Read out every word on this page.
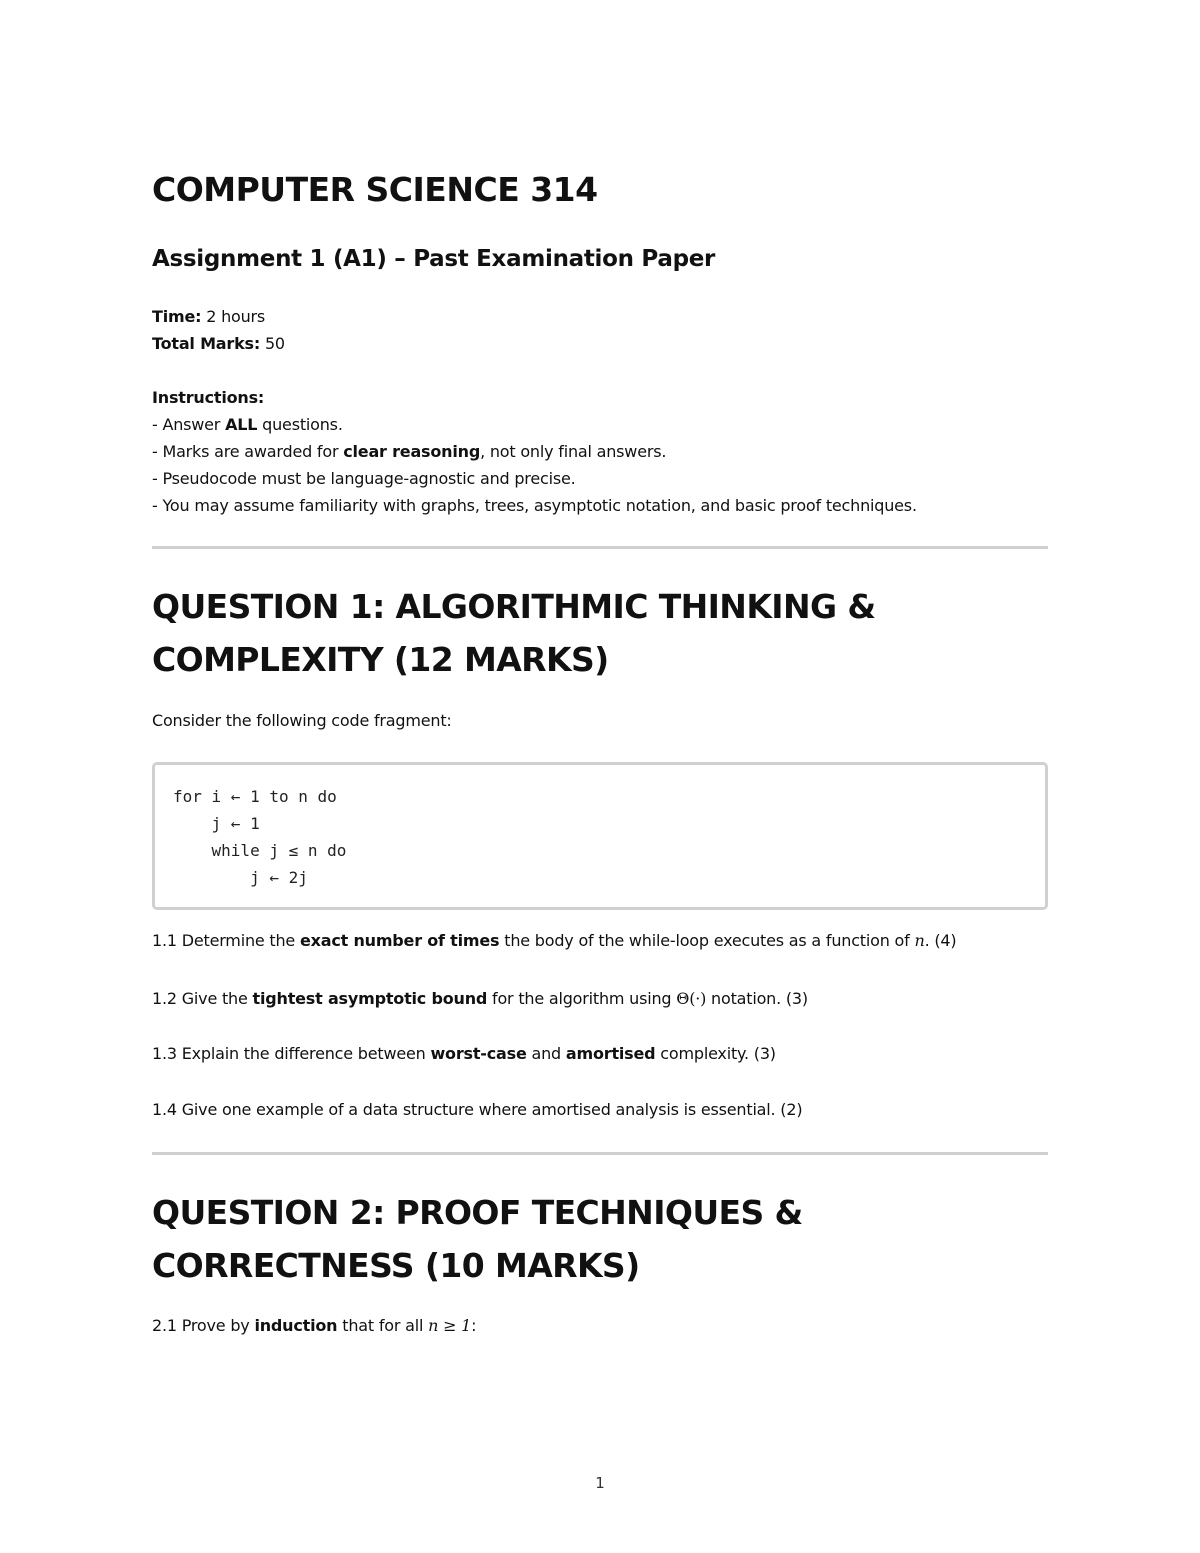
COMPUTER SCIENCE 314
Assignment 1 (A1) – Past Examination Paper
Time: 2 hours
Total Marks: 50
Instructions:
- Answer ALL questions.
- Marks are awarded for clear reasoning, not only final answers.
- Pseudocode must be language-agnostic and precise.
- You may assume familiarity with graphs, trees, asymptotic notation, and basic proof techniques.
QUESTION 1: ALGORITHMIC THINKING & COMPLEXITY (12 MARKS)
Consider the following code fragment:
for i ← 1 to n do
j ← 1
while j ≤ n do
j ← 2j
1.1 Determine the exact number of times the body of the while-loop executes as a function of n. (4)
1.2 Give the tightest asymptotic bound for the algorithm using Θ(·) notation. (3)
1.3 Explain the difference between worst-case and amortised complexity. (3)
1.4 Give one example of a data structure where amortised analysis is essential. (2)
QUESTION 2: PROOF TECHNIQUES & CORRECTNESS (10 MARKS)
2.1 Prove by induction that for all n ≥ 1:
1
